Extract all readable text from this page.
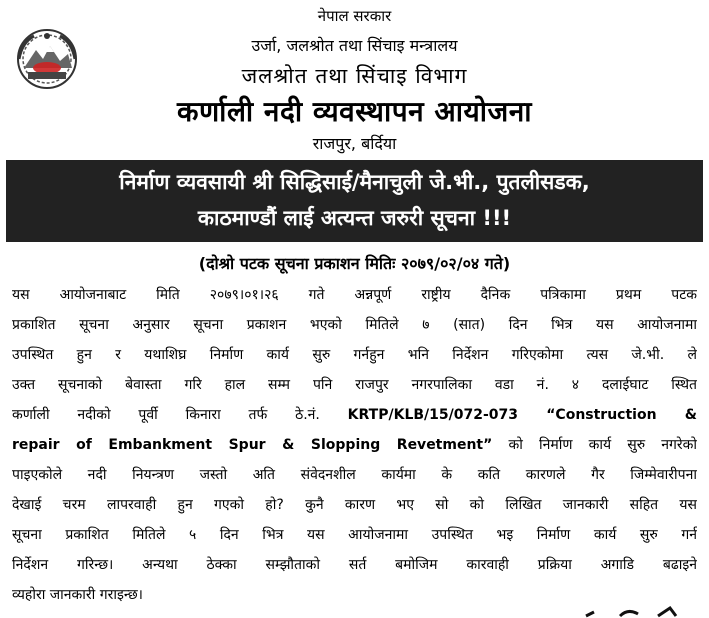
नेपाल सरकार
उर्जा, जलश्रोत तथा सिंचाइ मन्त्रालय
जलश्रोत तथा सिंचाइ विभाग
कर्णाली नदी व्यवस्थापन आयोजना
राजपुर, बर्दिया
निर्माण व्यवसायी श्री सिद्धिसाई/मैनाचुली जे.भी., पुतलीसडक,
काठमाण्डौं लाई अत्यन्त जरुरी सूचना !!!
(दोश्रो पटक सूचना प्रकाशन मितिः २०७९/०२/०४ गते)
यस आयोजनाबाट मिति २०७९।०१।२६ गते अन्नपूर्ण राष्ट्रीय दैनिक पत्रिकामा प्रथम पटक
प्रकाशित सूचना अनुसार सूचना प्रकाशन भएको मितिले ७ (सात) दिन भित्र यस आयोजनामा
उपस्थित हुन र यथाशिघ्र निर्माण कार्य सुरु गर्नहुन भनि निर्देशन गरिएकोमा त्यस जे.भी. ले
उक्त सूचनाको बेवास्ता गरि हाल सम्म पनि राजपुर नगरपालिका वडा नं. ४ दलाईघाट स्थित
कर्णाली नदीको पूर्वी किनारा तर्फ ठे.नं. KRTP/KLB/15/072-073 “Construction &
repair of Embankment Spur & Slopping Revetment” को निर्माण कार्य सुरु नगरेको
पाइएकोले नदी नियन्त्रण जस्तो अति संवेदनशील कार्यमा के कति कारणले गैर जिम्मेवारीपना
देखाई चरम लापरवाही हुन गएको हो? कुनै कारण भए सो को लिखित जानकारी सहित यस
सूचना प्रकाशित मितिले ५ दिन भित्र यस आयोजनामा उपस्थित भइ निर्माण कार्य सुरु गर्न
निर्देशन गरिन्छ। अन्यथा ठेक्का सम्झौताको सर्त बमोजिम कारवाही प्रक्रिया अगाडि बढाइने
व्यहोरा जानकारी गराइन्छ।
